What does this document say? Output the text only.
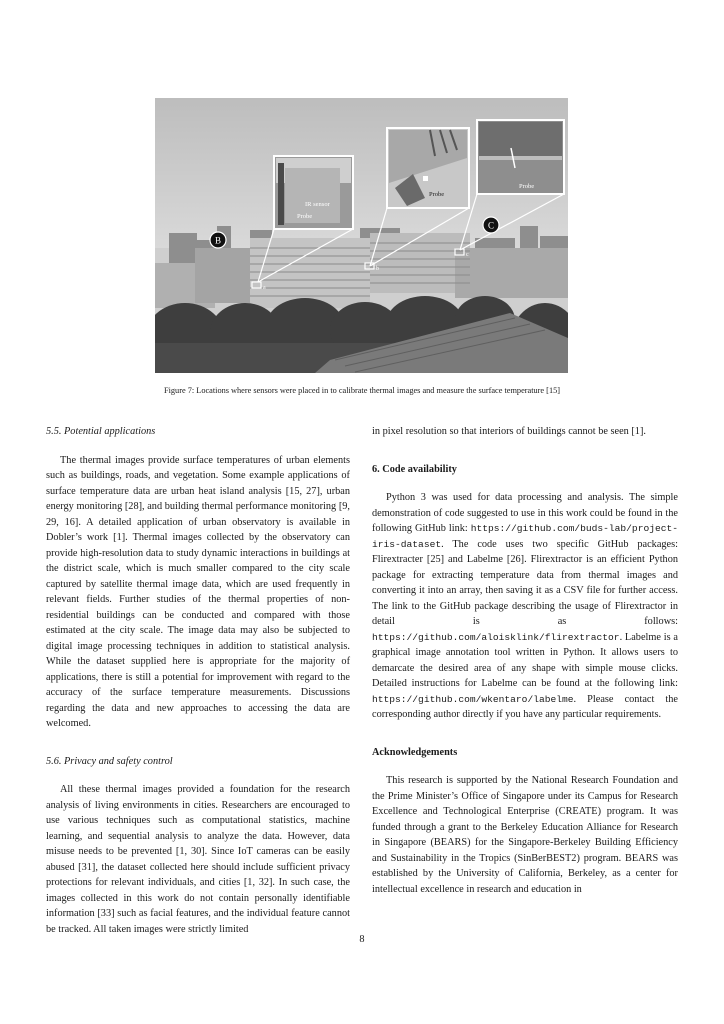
IR sensor
Probe
Probe
Probe
a
b
c
B
C
Figure 7: Locations where sensors were placed in to calibrate thermal images and measure the surface temperature [15]
5.5. Potential applications

The thermal images provide surface temperatures of urban elements such as buildings, roads, and vegetation. Some example applications of surface temperature data are urban heat island analysis [15, 27], urban energy monitoring [28], and building thermal performance monitoring [9, 29, 16]. A detailed application of urban observatory is available in Dobler’s work [1]. Thermal images collected by the observatory can provide high-resolution data to study dynamic interactions in buildings at the district scale, which is much smaller compared to the city scale captured by satellite thermal image data, which are used frequently in relevant fields. Further studies of the thermal properties of non-residential buildings can be conducted and compared with those estimated at the city scale. The image data may also be subjected to digital image processing techniques in addition to statistical analysis. While the dataset supplied here is appropriate for the majority of applications, there is still a potential for improvement with regard to the accuracy of the surface temperature measurements. Discussions regarding the data and new approaches to accessing the data are welcomed.

5.6. Privacy and safety control

All these thermal images provided a foundation for the research analysis of living environments in cities. Researchers are encouraged to use various techniques such as computational statistics, machine learning, and sequential analysis to analyze the data. However, data misuse needs to be prevented [1, 30]. Since IoT cameras can be easily abused [31], the dataset collected here should include sufficient privacy protections for relevant individuals, and cities [1, 32]. In such case, the images collected in this work do not contain personally identifiable information [33] such as facial features, and the individual feature cannot be tracked. All taken images were strictly limited

in pixel resolution so that interiors of buildings cannot be seen [1].

6. Code availability

Python 3 was used for data processing and analysis. The simple demonstration of code suggested to use in this work could be found in the following GitHub link: https://github.com/buds-lab/project-iris-dataset. The code uses two specific GitHub packages: Flirextracter [25] and Labelme [26]. Flirextractor is an efficient Python package for extracting temperature data from thermal images and converting it into an array, then saving it as a CSV file for further access. The link to the GitHub package describing the usage of Flirextractor in detail is as follows: https://github.com/aloisklink/flirextractor. Labelme is a graphical image annotation tool written in Python. It allows users to demarcate the desired area of any shape with simple mouse clicks. Detailed instructions for Labelme can be found at the following link: https://github.com/wkentaro/labelme. Please contact the corresponding author directly if you have any particular requirements.

Acknowledgements

This research is supported by the National Research Foundation and the Prime Minister’s Office of Singapore under its Campus for Research Excellence and Technological Enterprise (CREATE) program. It was funded through a grant to the Berkeley Education Alliance for Research in Singapore (BEARS) for the Singapore-Berkeley Building Efficiency and Sustainability in the Tropics (SinBerBEST2) program. BEARS was established by the University of California, Berkeley, as a center for intellectual excellence in research and education in

8
